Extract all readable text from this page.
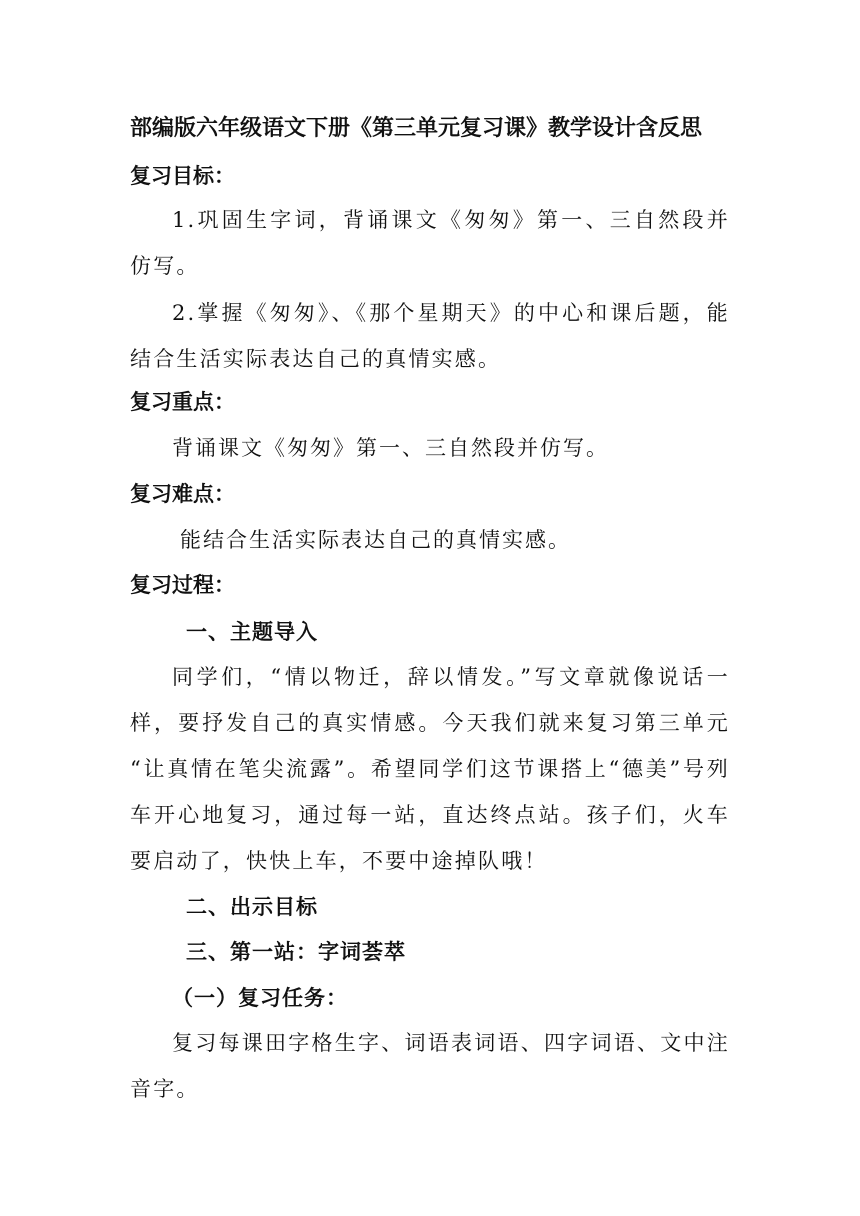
部编版六年级语文下册《第三单元复习课》教学设计含反思
复习目标：
1.巩固生字词，背诵课文《匆匆》第一、三自然段并仿写。
2.掌握《匆匆》、《那个星期天》的中心和课后题，能结合生活实际表达自己的真情实感。
复习重点：
背诵课文《匆匆》第一、三自然段并仿写。
复习难点：
能结合生活实际表达自己的真情实感。
复习过程：
一、主题导入
同学们，“情以物迁，辞以情发。”写文章就像说话一样，要抒发自己的真实情感。今天我们就来复习第三单元 “让真情在笔尖流露”。希望同学们这节课搭上“德美”号列车开心地复习，通过每一站，直达终点站。孩子们，火车要启动了，快快上车，不要中途掉队哦！
二、出示目标
三、第一站：字词荟萃
（一）复习任务：
复习每课田字格生字、词语表词语、四字词语、文中注音字。
